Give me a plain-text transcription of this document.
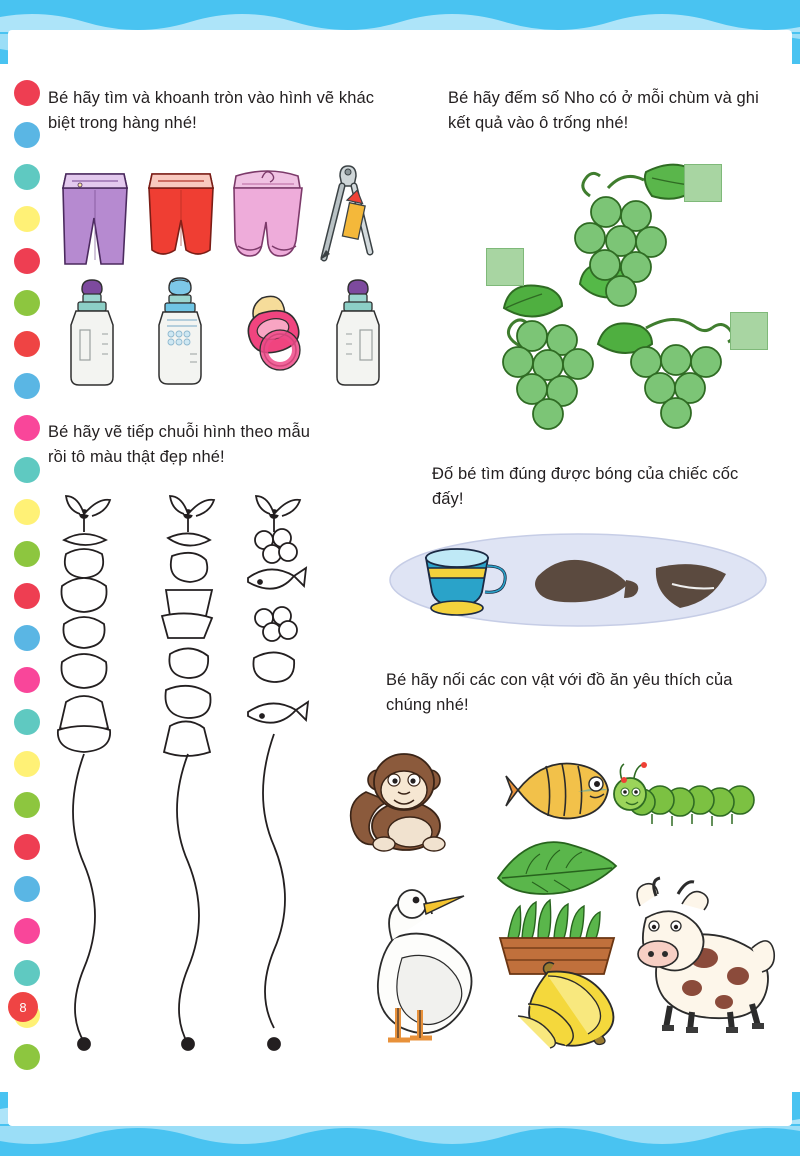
8
Bé hãy tìm và khoanh tròn vào hình vẽ khác biệt trong hàng nhé!
Bé hãy đếm số Nho có ở mỗi chùm và ghi kết quả vào ô trống nhé!
Bé hãy vẽ tiếp chuỗi hình theo mẫu
rồi tô màu thật đẹp nhé!
Đố bé tìm đúng được bóng của chiếc cốc đấy!
Bé hãy nối các con vật với đồ ăn yêu thích của chúng nhé!
